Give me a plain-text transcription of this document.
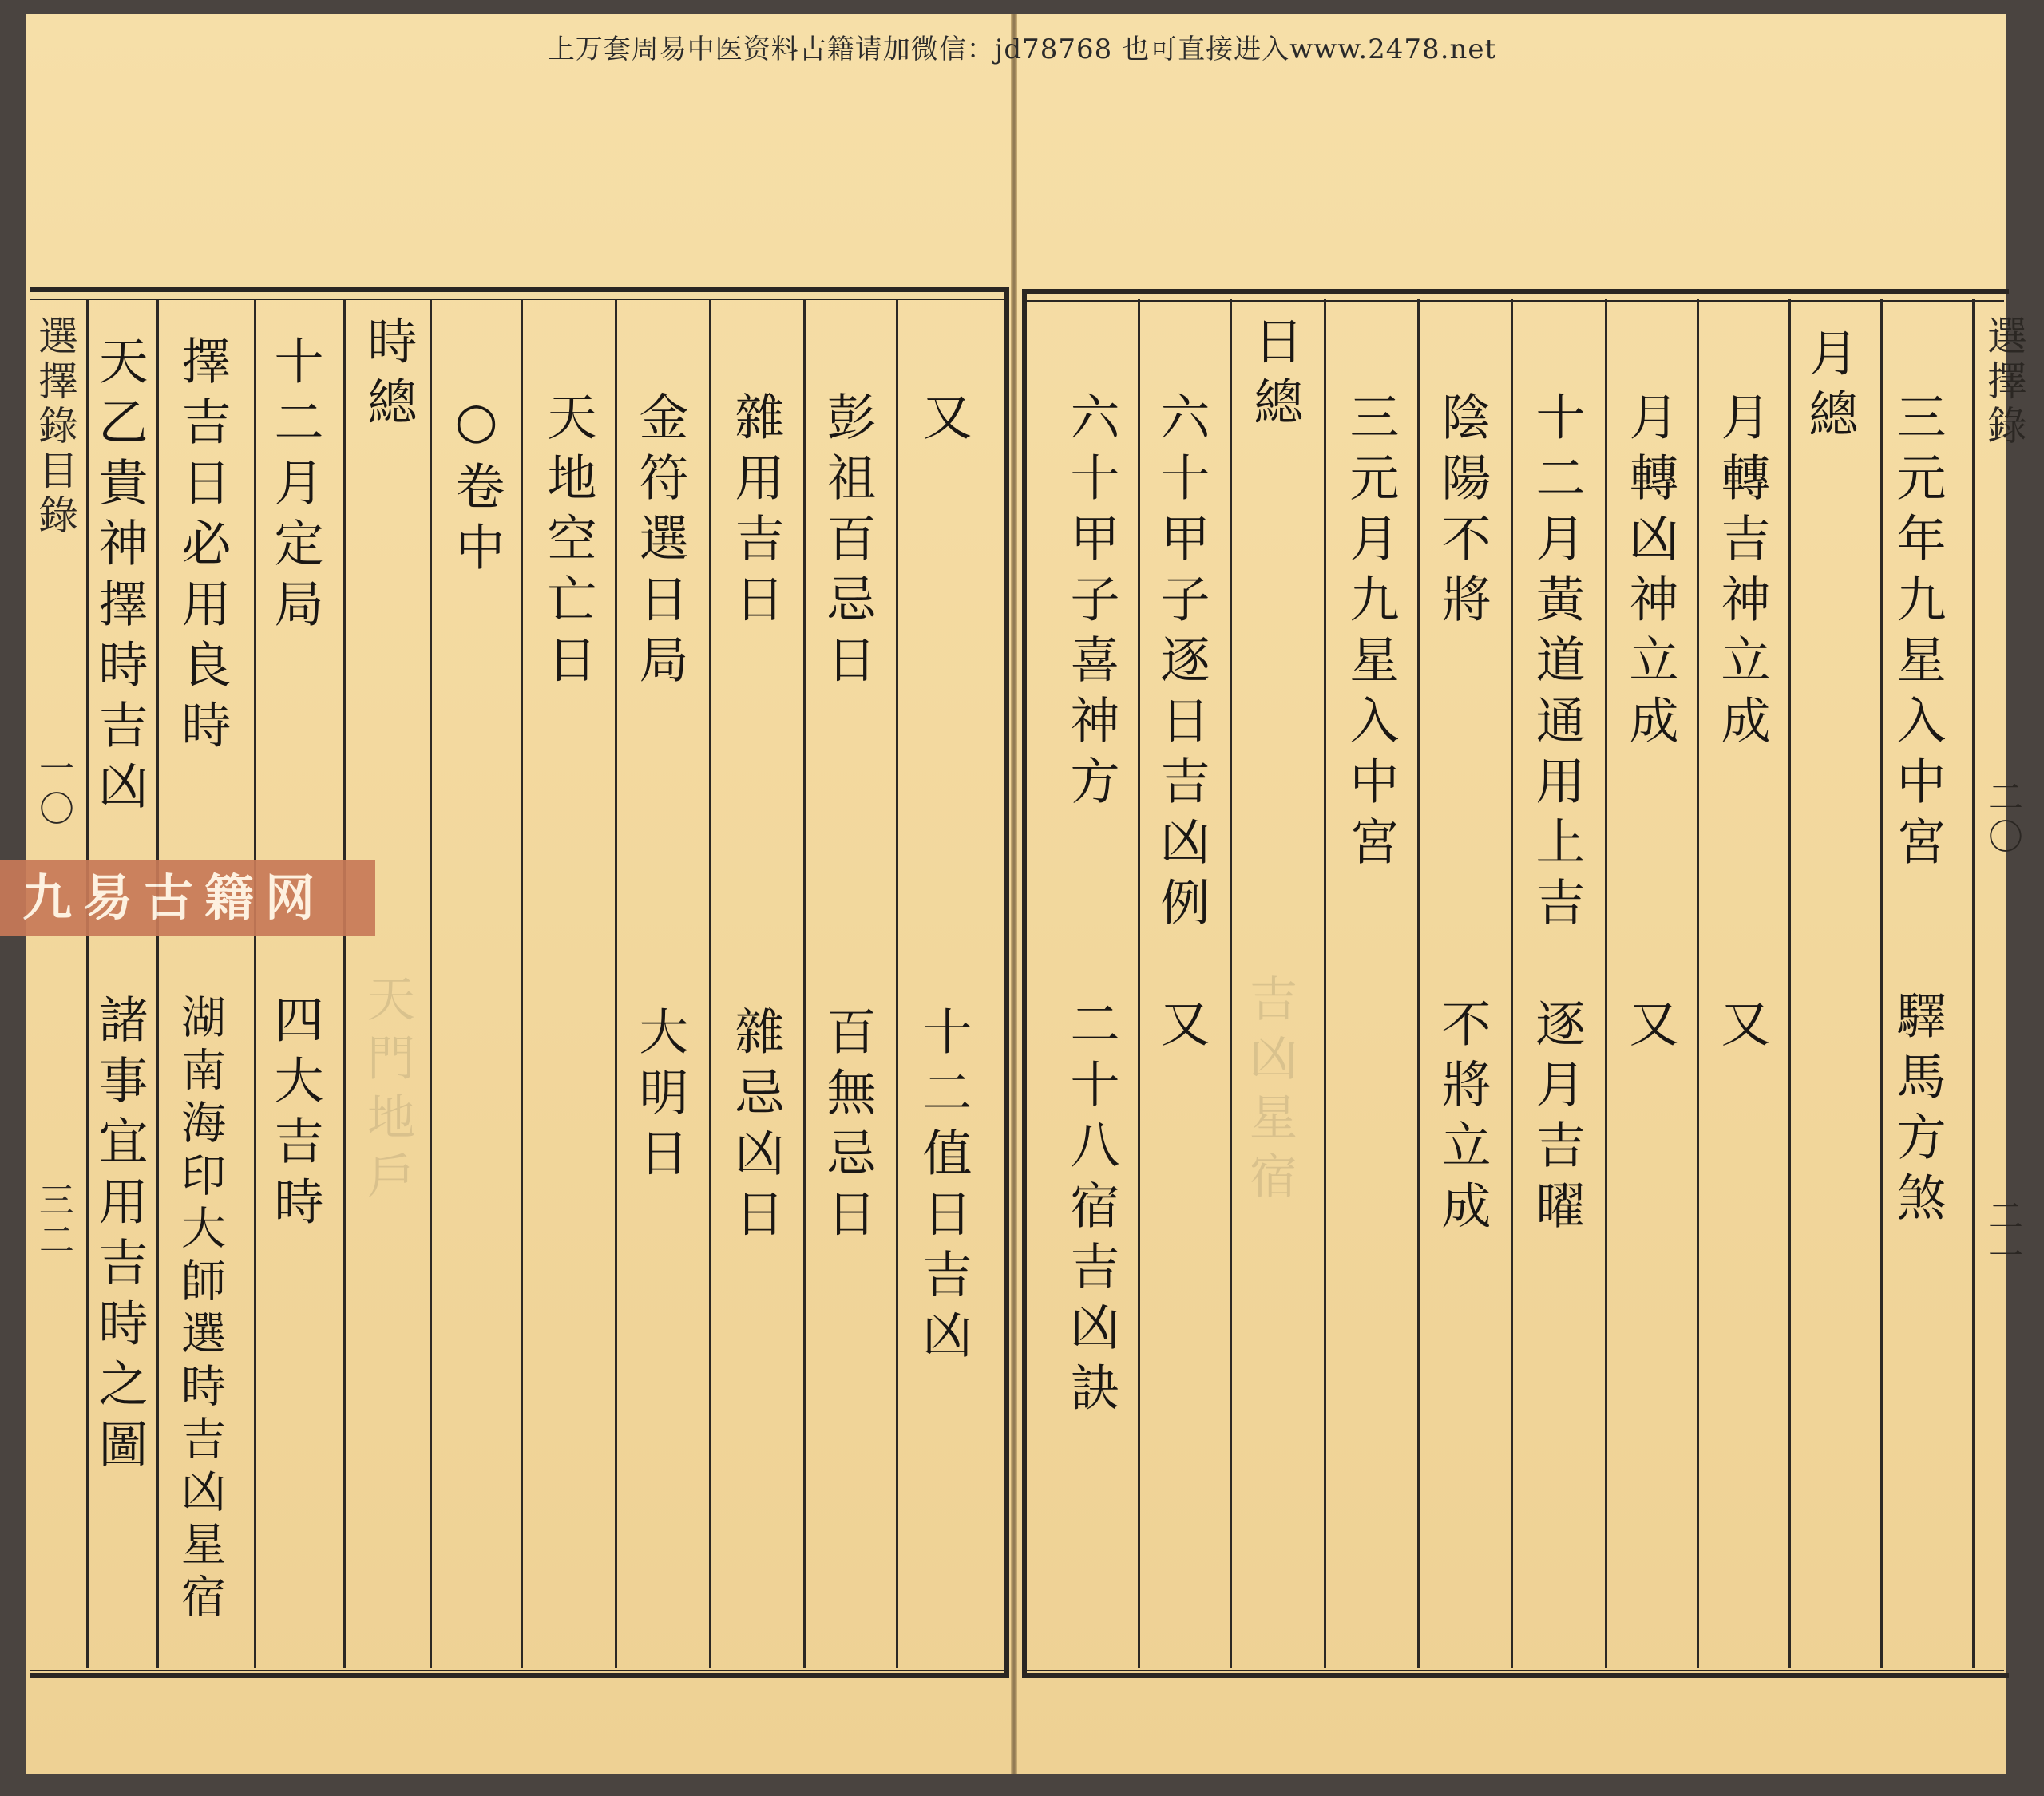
上万套周易中医资料古籍请加微信：jd78768 也可直接进入www.2478.net
天門地戶	吉凶星宿
選擇錄目錄
一〇
三二
天乙貴神擇時吉凶
諸事宜用吉時之圖
擇吉日必用良時
湖南海印大師選時吉凶星宿
十二月定局
四大吉時
時總
○卷中 天地空亡日 金符選日局
大明日
雜用吉日
雜忌凶日
彭祖百忌日
百無忌日
又
十二值日吉凶
三元年九星入中宮
驛馬方煞
月總
月轉吉神立成
又
月轉凶神立成
又
十二月黃道通用上吉
逐月吉曜
陰陽不將
不將立成
三元月九星入中宮
日總
六十甲子逐日吉凶例
又
六十甲子喜神方
二十八宿吉凶訣
選擇錄
二〇
二一
九易古籍网
